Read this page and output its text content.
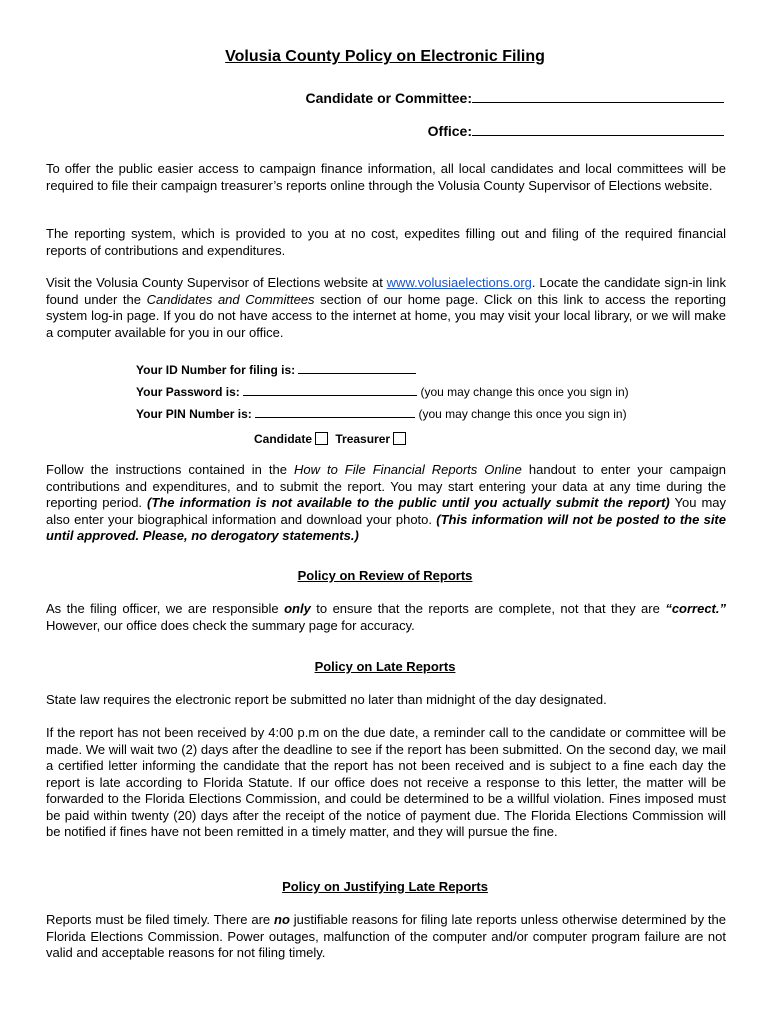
Volusia County Policy on Electronic Filing
Candidate or Committee:
Office:

To offer the public easier access to campaign finance information, all local candidates and local committees will be required to file their campaign treasurer’s reports online through the Volusia County Supervisor of Elections website.

The reporting system, which is provided to you at no cost, expedites filling out and filing of the required financial reports of contributions and expenditures.

Visit the Volusia County Supervisor of Elections website at www.volusiaelections.org. Locate the candidate sign-in link found under the Candidates and Committees section of our home page. Click on this link to access the reporting system log-in page. If you do not have access to the internet at home, you may visit your local library, or we will make a computer available for you in our office.

Your ID Number for filing is:
Your Password is:	(you may change this once you sign in)
Your PIN Number is:	(you may change this once you sign in)
Candidate Treasurer

Follow the instructions contained in the How to File Financial Reports Online handout to enter your campaign contributions and expenditures, and to submit the report. You may start entering your data at any time during the reporting period. (The information is not available to the public until you actually submit the report) You may also enter your biographical information and download your photo. (This information will not be posted to the site until approved. Please, no derogatory statements.)

Policy on Review of Reports

As the filing officer, we are responsible only to ensure that the reports are complete, not that they are “correct.” However, our office does check the summary page for accuracy.

Policy on Late Reports

State law requires the electronic report be submitted no later than midnight of the day designated.

If the report has not been received by 4:00 p.m on the due date, a reminder call to the candidate or committee will be made. We will wait two (2) days after the deadline to see if the report has been submitted. On the second day, we mail a certified letter informing the candidate that the report has not been received and is subject to a fine each day the report is late according to Florida Statute. If our office does not receive a response to this letter, the matter will be forwarded to the Florida Elections Commission, and could be determined to be a willful violation. Fines imposed must be paid within twenty (20) days after the receipt of the notice of payment due. The Florida Elections Commission will be notified if fines have not been remitted in a timely matter, and they will pursue the fine.

Policy on Justifying Late Reports

Reports must be filed timely. There are no justifiable reasons for filing late reports unless otherwise determined by the Florida Elections Commission. Power outages, malfunction of the computer and/or computer program failure are not valid and acceptable reasons for not filing timely.
